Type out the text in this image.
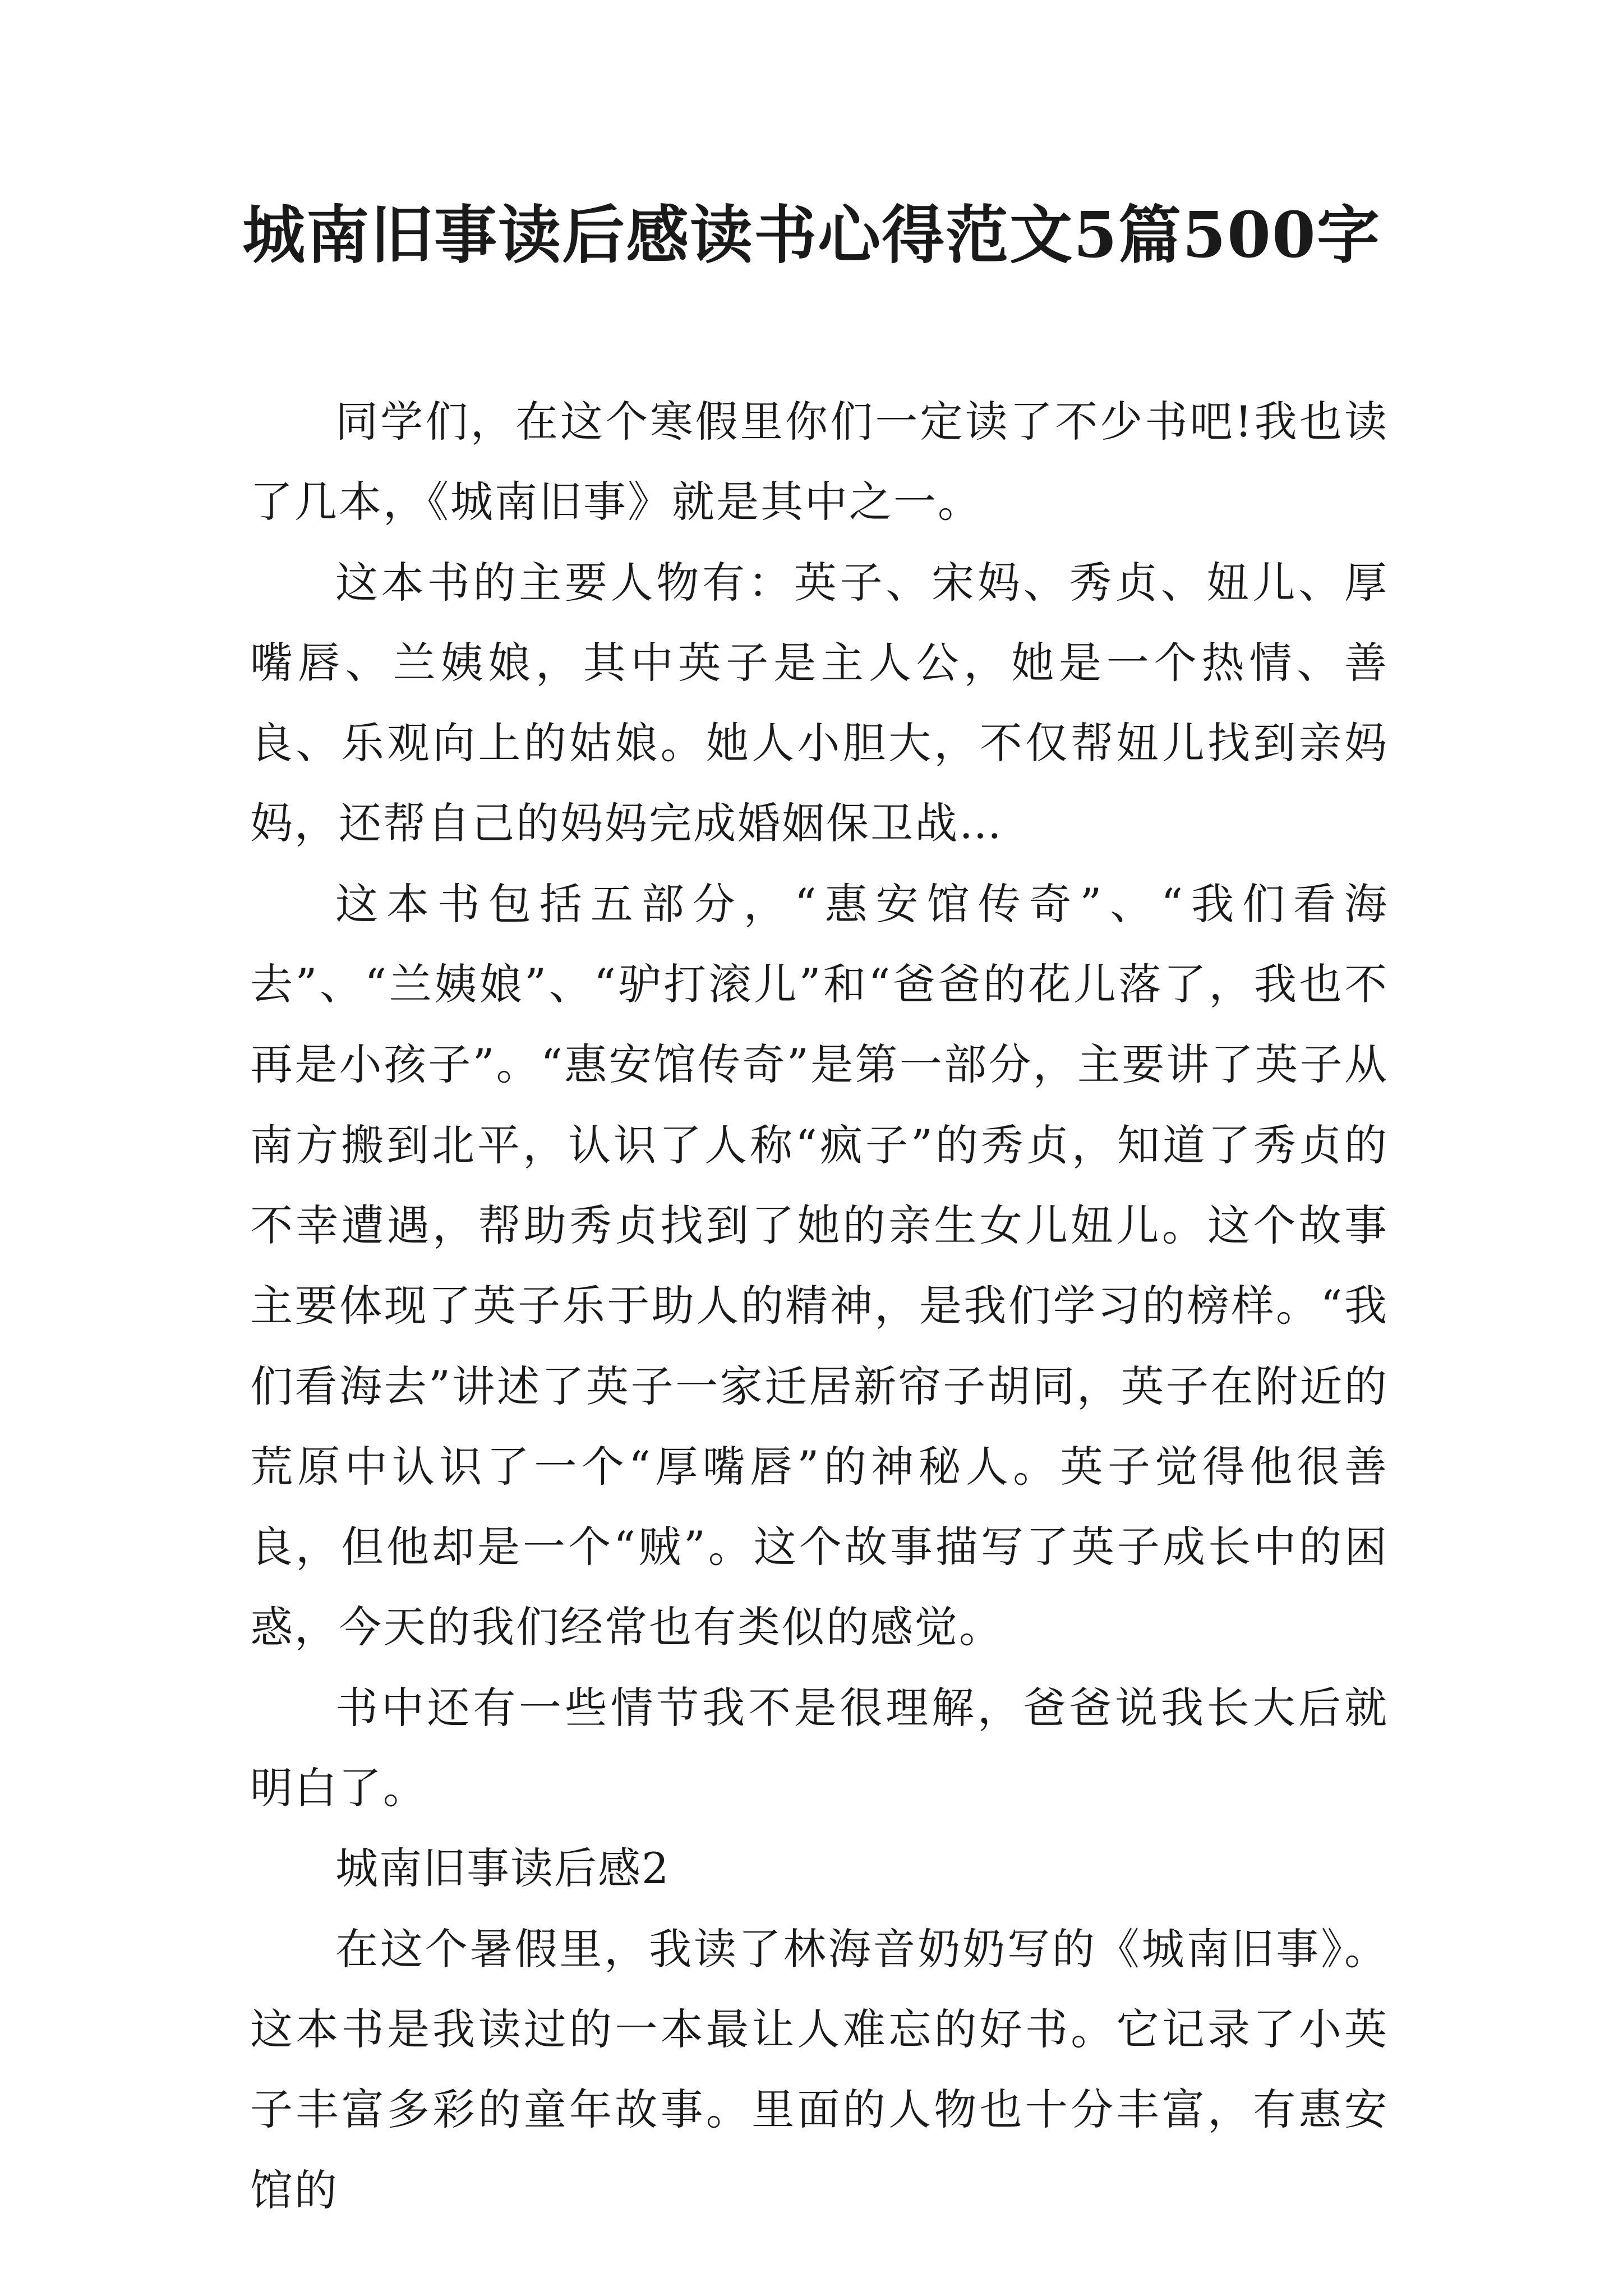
城南旧事读后感读书心得范文5篇500字

同学们，在这个寒假里你们一定读了不少书吧!我也读了几本，《城南旧事》就是其中之一。

这本书的主要人物有：英子、宋妈、秀贞、妞儿、厚嘴唇、兰姨娘，其中英子是主人公，她是一个热情、善良、乐观向上的姑娘。她人小胆大，不仅帮妞儿找到亲妈妈，还帮自己的妈妈完成婚姻保卫战…

这本书包括五部分，“惠安馆传奇”、“我们看海去”、“兰姨娘”、“驴打滚儿”和“爸爸的花儿落了，我也不再是小孩子”。“惠安馆传奇”是第一部分，主要讲了英子从南方搬到北平，认识了人称“疯子”的秀贞，知道了秀贞的不幸遭遇，帮助秀贞找到了她的亲生女儿妞儿。这个故事主要体现了英子乐于助人的精神，是我们学习的榜样。“我们看海去”讲述了英子一家迁居新帘子胡同，英子在附近的荒原中认识了一个“厚嘴唇”的神秘人。英子觉得他很善良，但他却是一个“贼”。这个故事描写了英子成长中的困惑，今天的我们经常也有类似的感觉。

书中还有一些情节我不是很理解，爸爸说我长大后就明白了。

城南旧事读后感2

在这个暑假里，我读了林海音奶奶写的《城南旧事》。这本书是我读过的一本最让人难忘的好书。它记录了小英子丰富多彩的童年故事。里面的人物也十分丰富，有惠安馆的
